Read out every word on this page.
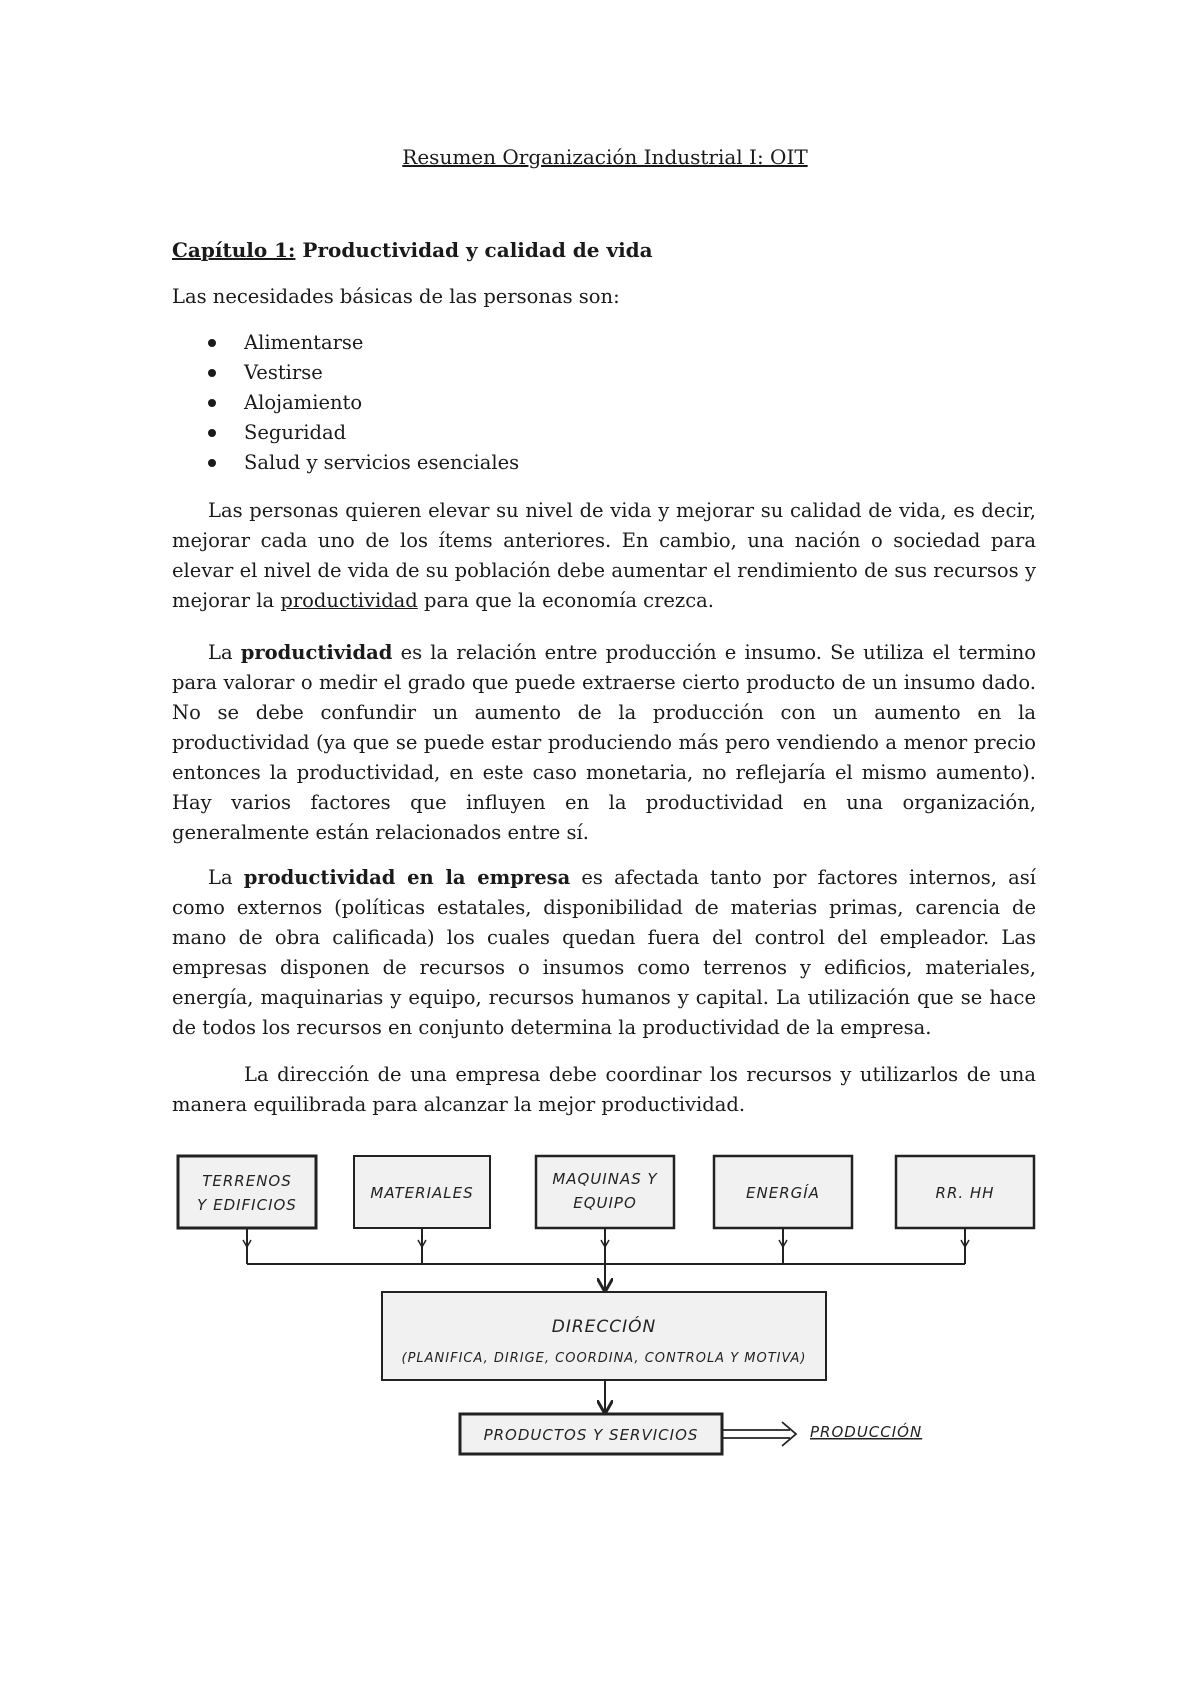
Resumen Organización Industrial I: OIT
Capítulo 1: Productividad y calidad de vida
Las necesidades básicas de las personas son:
Alimentarse
Vestirse
Alojamiento
Seguridad
Salud y servicios esenciales

Las personas quieren elevar su nivel de vida y mejorar su calidad de vida, es decir, mejorar cada uno de los ítems anteriores. En cambio, una nación o sociedad para elevar el nivel de vida de su población debe aumentar el rendimiento de sus recursos y mejorar la productividad para que la economía crezca.

La productividad es la relación entre producción e insumo. Se utiliza el termino para valorar o medir el grado que puede extraerse cierto producto de un insumo dado. No se debe confundir un aumento de la producción con un aumento en la productividad (ya que se puede estar produciendo más pero vendiendo a menor precio entonces la productividad, en este caso monetaria, no reflejaría el mismo aumento). Hay varios factores que influyen en la productividad en una organización, generalmente están relacionados entre sí.

La productividad en la empresa es afectada tanto por factores internos, así como externos (políticas estatales, disponibilidad de materias primas, carencia de mano de obra calificada) los cuales quedan fuera del control del empleador. Las empresas disponen de recursos o insumos como terrenos y edificios, materiales, energía, maquinarias y equipo, recursos humanos y capital. La utilización que se hace de todos los recursos en conjunto determina la productividad de la empresa.

La dirección de una empresa debe coordinar los recursos y utilizarlos de una manera equilibrada para alcanzar la mejor productividad.

TERRENOS
Y EDIFICIOS
MATERIALES
MAQUINAS Y
EQUIPO
ENERGÍA	RR. HH
DIRECCIÓN
(PLANIFICA, DIRIGE, COORDINA, CONTROLA Y MOTIVA)
PRODUCTOS Y SERVICIOS	PRODUCCIÓN
